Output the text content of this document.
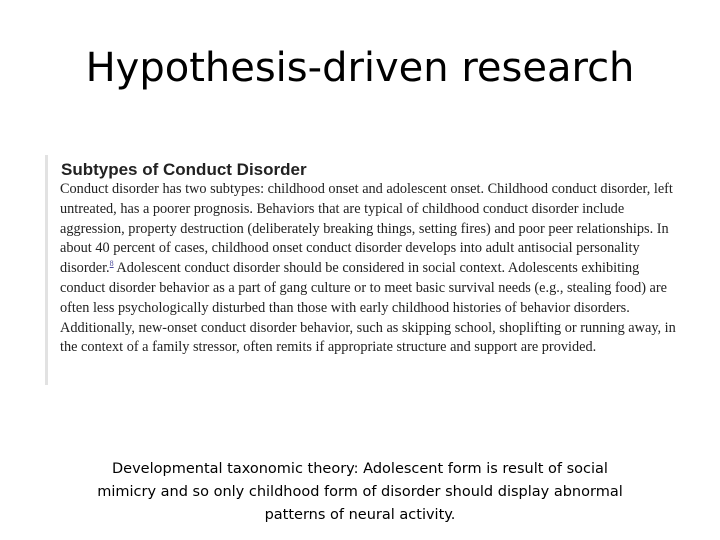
Hypothesis-driven research
Subtypes of Conduct Disorder

Conduct disorder has two subtypes: childhood onset and adolescent onset. Childhood conduct disorder, left untreated, has a poorer prognosis. Behaviors that are typical of childhood conduct disorder include aggression, property destruction (deliberately breaking things, setting fires) and poor peer relationships. In about 40 percent of cases, childhood onset conduct disorder develops into adult antisocial personality disorder.$^8$ Adolescent conduct disorder should be considered in social context. Adolescents exhibiting conduct disorder behavior as a part of gang culture or to meet basic survival needs (e.g., stealing food) are often less psychologically disturbed than those with early childhood histories of behavior disorders. Additionally, new-onset conduct disorder behavior, such as skipping school, shoplifting or running away, in the context of a family stressor, often remits if appropriate structure and support are provided.

Developmental taxonomic theory: Adolescent form is result of social mimicry and so only childhood form of disorder should display abnormal patterns of neural activity.
